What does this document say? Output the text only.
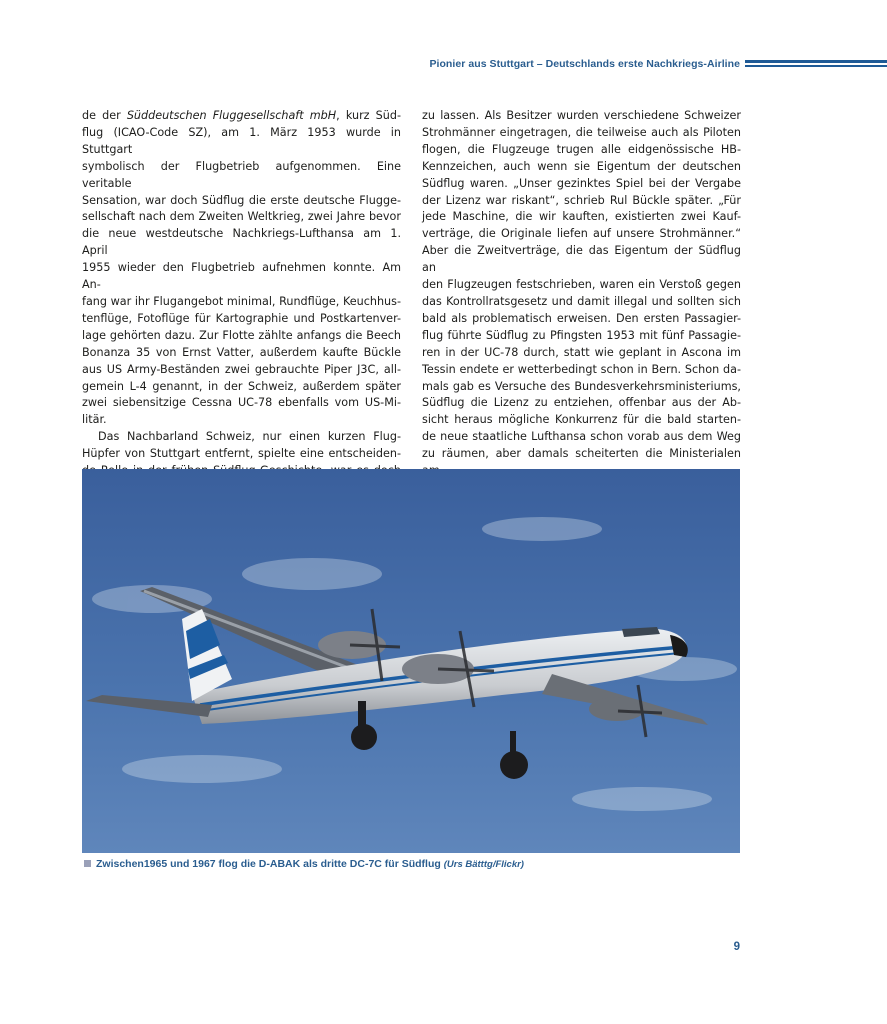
Pionier aus Stuttgart – Deutschlands erste Nachkriegs-Airline

de der Süddeutschen Fluggesellschaft mbH, kurz Süd-
flug (ICAO-Code SZ), am 1. März 1953 wurde in Stuttgart
symbolisch der Flugbetrieb aufgenommen. Eine veritable
Sensation, war doch Südflug die erste deutsche Flugge-
sellschaft nach dem Zweiten Weltkrieg, zwei Jahre bevor
die neue westdeutsche Nachkriegs-Lufthansa am 1. April
1955 wieder den Flugbetrieb aufnehmen konnte. Am An-
fang war ihr Flugangebot minimal, Rundflüge, Keuchhus-
tenflüge, Fotoflüge für Kartographie und Postkartenver-
lage gehörten dazu. Zur Flotte zählte anfangs die Beech
Bonanza 35 von Ernst Vatter, außerdem kaufte Bückle
aus US Army-Beständen zwei gebrauchte Piper J3C, all-
gemein L-4 genannt, in der Schweiz, außerdem später
zwei siebensitzige Cessna UC-78 ebenfalls vom US-Mi-
litär.

Das Nachbarland Schweiz, nur einen kurzen Flug-
Hüpfer von Stuttgart entfernt, spielte eine entscheiden-

zu lassen. Als Besitzer wurden verschiedene Schweizer
Strohmänner eingetragen, die teilweise auch als Piloten
flogen, die Flugzeuge trugen alle eidgenössische HB-
Kennzeichen, auch wenn sie Eigentum der deutschen
Südflug waren. „Unser gezinktes Spiel bei der Vergabe
der Lizenz war riskant“, schrieb Rul Bückle später. „Für
jede Maschine, die wir kauften, existierten zwei Kauf-
verträge, die Originale liefen auf unsere Strohmänner.“
Aber die Zweitverträge, die das Eigentum der Südflug an
den Flugzeugen festschrieben, waren ein Verstoß gegen
das Kontrollratsgesetz und damit illegal und sollten sich
bald als problematisch erweisen. Den ersten Passagier-
flug führte Südflug zu Pfingsten 1953 mit fünf Passagie-
ren in der UC-78 durch, statt wie geplant in Ascona im
Tessin endete er wetterbedingt schon in Bern. Schon da-
mals gab es Versuche des Bundesverkehrsministeriums,
Südflug die Lizenz zu entziehen, offenbar aus der Ab-
sicht heraus mögliche Konkurrenz für die bald starten-
de neue staatliche Lufthansa schon vorab aus dem Weg
zu räumen, aber damals scheiterten die Ministerialen

Zwischen1965 und 1967 flog die D-ABAK als dritte DC-7C für Südflug (Urs Bätttg/Flickr)
9
